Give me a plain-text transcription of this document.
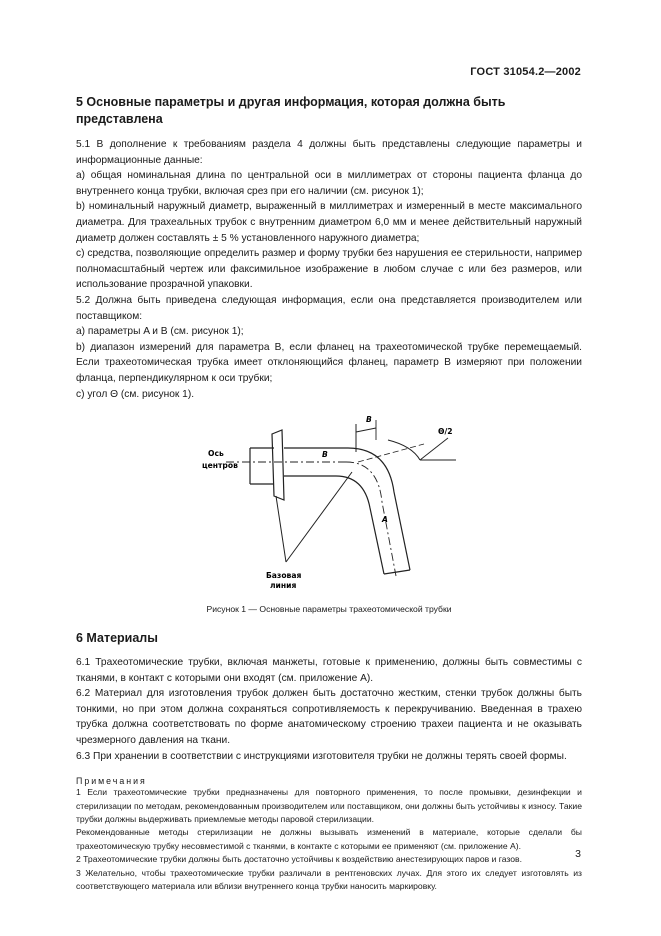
ГОСТ 31054.2—2002
5 Основные параметры и другая информация, которая должна быть представлена

5.1 В дополнение к требованиям раздела 4 должны быть представлены следующие параметры и информационные данные:

а) общая номинальная длина по центральной оси в миллиметрах от стороны пациента фланца до внутреннего конца трубки, включая срез при его наличии (см. рисунок 1);

b) номинальный наружный диаметр, выраженный в миллиметрах и измеренный в месте максимального диаметра. Для трахеальных трубок с внутренним диаметром 6,0 мм и менее действительный наружный диаметр должен составлять ± 5 % установленного наружного диаметра;

с) средства, позволяющие определить размер и форму трубки без нарушения ее стерильности, например полномасштабный чертеж или факсимильное изображение в любом случае с или без размеров, или использование прозрачной упаковки.

5.2 Должна быть приведена следующая информация, если она представляется производителем или поставщиком:

а) параметры A и B (см. рисунок 1);

b) диапазон измерений для параметра B, если фланец на трахеотомической трубке перемещаемый. Если трахеотомическая трубка имеет отклоняющийся фланец, параметр B измеряют при положении фланца, перпендикулярном к оси трубки;

с) угол Θ (см. рисунок 1).

Ось
центров
Базовая
линия
B
B
Θ/2
A
Рисунок 1 — Основные параметры трахеотомической трубки
6 Материалы

6.1 Трахеотомические трубки, включая манжеты, готовые к применению, должны быть совместимы с тканями, в контакт с которыми они входят (см. приложение А).

6.2 Материал для изготовления трубок должен быть достаточно жестким, стенки трубок должны быть тонкими, но при этом должна сохраняться сопротивляемость к перекручиванию. Введенная в трахею трубка должна соответствовать по форме анатомическому строению трахеи пациента и не оказывать чрезмерного давления на ткани.

6.3 При хранении в соответствии с инструкциями изготовителя трубки не должны терять своей формы.

Примечания

1 Если трахеотомические трубки предназначены для повторного применения, то после промывки, дезинфекции и стерилизации по методам, рекомендованным производителем или поставщиком, они должны быть устойчивы к износу. Такие трубки должны выдерживать приемлемые методы паровой стерилизации.

Рекомендованные методы стерилизации не должны вызывать изменений в материале, которые сделали бы трахеотомическую трубку несовместимой с тканями, в контакте с которыми ее применяют (см. приложение А).

2 Трахеотомические трубки должны быть достаточно устойчивы к воздействию анестезирующих паров и газов.

3 Желательно, чтобы трахеотомические трубки различали в рентгеновских лучах. Для этого их следует изготовлять из соответствующего материала или вблизи внутреннего конца трубки наносить маркировку.

3
